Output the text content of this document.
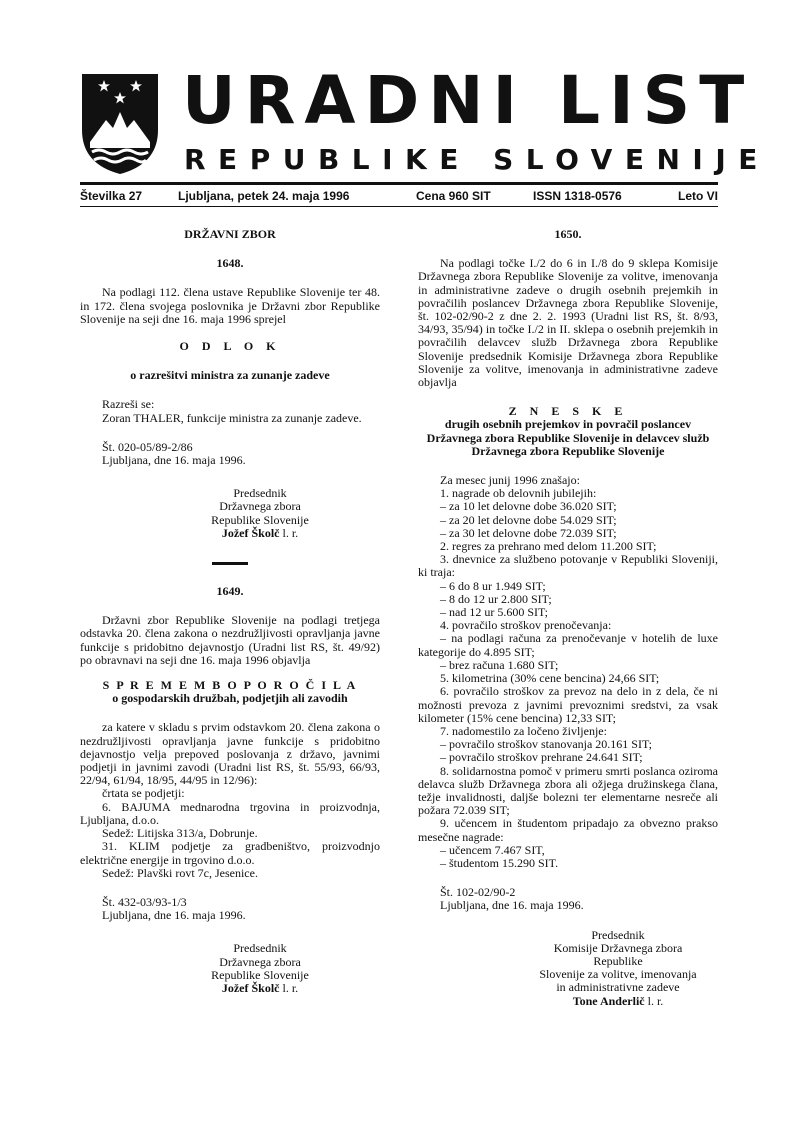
URADNI LIST
REPUBLIKE SLOVENIJE
Številka 27	Ljubljana, petek 24. maja 1996	Cena 960 SIT	ISSN 1318-0576	Leto VI
DRŽAVNI ZBOR
1648.

Na podlagi 112. člena ustave Republike Slovenije ter 48. in 172. člena svojega poslovnika je Državni zbor Republike Slovenije na seji dne 16. maja 1996 sprejel

O D L O K
o razrešitvi ministra za zunanje zadeve

Razreši se:

Zoran THALER, funkcije ministra za zunanje zadeve.

Št. 020-05/89-2/86

Ljubljana, dne 16. maja 1996.

Predsednik
Državnega zbora
Republike Slovenije
Jožef Školč l. r.
1649.

Državni zbor Republike Slovenije na podlagi tretjega odstavka 20. člena zakona o nezdružljivosti opravljanja javne funkcije s pridobitno dejavnostjo (Uradni list RS, št. 49/92) po obravnavi na seji dne 16. maja 1996 objavlja

S P R E M E M B O P O R O Č I L A
o gospodarskih družbah, podjetjih ali zavodih

za katere v skladu s prvim odstavkom 20. člena zakona o nezdružljivosti opravljanja javne funkcije s pridobitno dejavnostjo velja prepoved poslovanja z državo, javnimi podjetji in javnimi zavodi (Uradni list RS, št. 55/93, 66/93, 22/94, 61/94, 18/95, 44/95 in 12/96):

črtata se podjetji:

6. BAJUMA mednarodna trgovina in proizvodnja, Ljubljana, d.o.o.

Sedež: Litijska 313/a, Dobrunje.

31. KLIM podjetje za gradbeništvo, proizvodnjo električne energije in trgovino d.o.o.

Sedež: Plavški rovt 7c, Jesenice.

Št. 432-03/93-1/3

Ljubljana, dne 16. maja 1996.

Predsednik
Državnega zbora
Republike Slovenije
Jožef Školč l. r.
1650.

Na podlagi točke I./2 do 6 in I./8 do 9 sklepa Komisije Državnega zbora Republike Slovenije za volitve, imenovanja in administrativne zadeve o drugih osebnih prejemkih in povračilih poslancev Državnega zbora Republike Slovenije, št. 102-02/90-2 z dne 2. 2. 1993 (Uradni list RS, št. 8/93, 34/93, 35/94) in točke I./2 in II. sklepa o osebnih prejemkih in povračilih delavcev služb Državnega zbora Republike Slovenije predsednik Komisije Državnega zbora Republike Slovenije za volitve, imenovanja in administrativne zadeve objavlja

Z N E S K E
drugih osebnih prejemkov in povračil poslancev
Državnega zbora Republike Slovenije in delavcev služb
Državnega zbora Republike Slovenije

Za mesec junij 1996 znašajo:

1. nagrade ob delovnih jubilejih:

– za 10 let delovne dobe 36.020 SIT;

– za 20 let delovne dobe 54.029 SIT;

– za 30 let delovne dobe 72.039 SIT;

2. regres za prehrano med delom 11.200 SIT;

3. dnevnice za službeno potovanje v Republiki Sloveniji, ki traja:

– 6 do 8 ur 1.949 SIT;

– 8 do 12 ur 2.800 SIT;

– nad 12 ur 5.600 SIT;

4. povračilo stroškov prenočevanja:

– na podlagi računa za prenočevanje v hotelih de luxe kategorije do 4.895 SIT;

– brez računa 1.680 SIT;

5. kilometrina (30% cene bencina) 24,66 SIT;

6. povračilo stroškov za prevoz na delo in z dela, če ni možnosti prevoza z javnimi prevoznimi sredstvi, za vsak kilometer (15% cene bencina) 12,33 SIT;

7. nadomestilo za ločeno življenje:

– povračilo stroškov stanovanja 20.161 SIT;

– povračilo stroškov prehrane 24.641 SIT;

8. solidarnostna pomoč v primeru smrti poslanca oziroma delavca služb Državnega zbora ali ožjega družinskega člana, težje invalidnosti, daljše bolezni ter elementarne nesreče ali požara 72.039 SIT;

9. učencem in študentom pripadajo za obvezno prakso mesečne nagrade:

– učencem 7.467 SIT,

– študentom 15.290 SIT.

Št. 102-02/90-2

Ljubljana, dne 16. maja 1996.

Predsednik
Komisije Državnega zbora
Republike
Slovenije za volitve, imenovanja
in administrativne zadeve
Tone Anderlič l. r.
